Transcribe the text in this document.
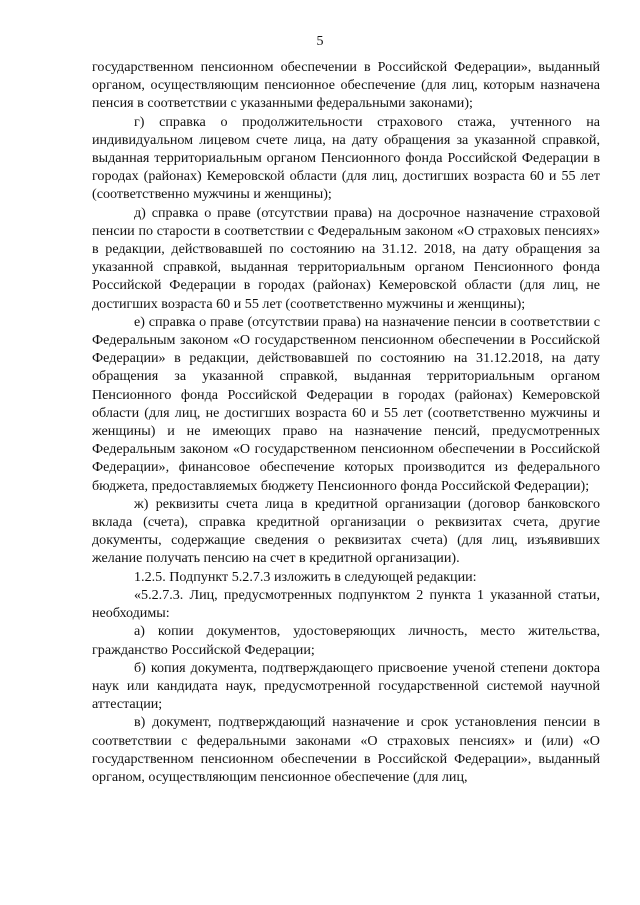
5

государственном пенсионном обеспечении в Российской Федерации», выданный органом, осуществляющим пенсионное обеспечение (для лиц, которым назначена пенсия в соответствии с указанными федеральными законами);

г) справка о продолжительности страхового стажа, учтенного на индивидуальном лицевом счете лица, на дату обращения за указанной справкой, выданная территориальным органом Пенсионного фонда Российской Федерации в городах (районах) Кемеровской области (для лиц, достигших возраста 60 и 55 лет (соответственно мужчины и женщины);

д) справка о праве (отсутствии права) на досрочное назначение страховой пенсии по старости в соответствии с Федеральным законом «О страховых пенсиях» в редакции, действовавшей по состоянию на 31.12. 2018, на дату обращения за указанной справкой, выданная территориальным органом Пенсионного фонда Российской Федерации в городах (районах) Кемеровской области (для лиц, не достигших возраста 60 и 55 лет (соответственно мужчины и женщины);

е) справка о праве (отсутствии права) на назначение пенсии в соответствии с Федеральным законом «О государственном пенсионном обеспечении в Российской Федерации» в редакции, действовавшей по состоянию на 31.12.2018, на дату обращения за указанной справкой, выданная территориальным органом Пенсионного фонда Российской Федерации в городах (районах) Кемеровской области (для лиц, не достигших возраста 60 и 55 лет (соответственно мужчины и женщины) и не имеющих право на назначение пенсий, предусмотренных Федеральным законом «О государственном пенсионном обеспечении в Российской Федерации», финансовое обеспечение которых производится из федерального бюджета, предоставляемых бюджету Пенсионного фонда Российской Федерации);

ж) реквизиты счета лица в кредитной организации (договор банковского вклада (счета), справка кредитной организации о реквизитах счета, другие документы, содержащие сведения о реквизитах счета) (для лиц, изъявивших желание получать пенсию на счет в кредитной организации).

1.2.5. Подпункт 5.2.7.3 изложить в следующей редакции:

«5.2.7.3. Лиц, предусмотренных подпунктом 2 пункта 1 указанной статьи, необходимы:

а) копии документов, удостоверяющих личность, место жительства, гражданство Российской Федерации;

б) копия документа, подтверждающего присвоение ученой степени доктора наук или кандидата наук, предусмотренной государственной системой научной аттестации;

в) документ, подтверждающий назначение и срок установления пенсии в соответствии с федеральными законами «О страховых пенсиях» и (или) «О государственном пенсионном обеспечении в Российской Федерации», выданный органом, осуществляющим пенсионное обеспечение (для лиц,
